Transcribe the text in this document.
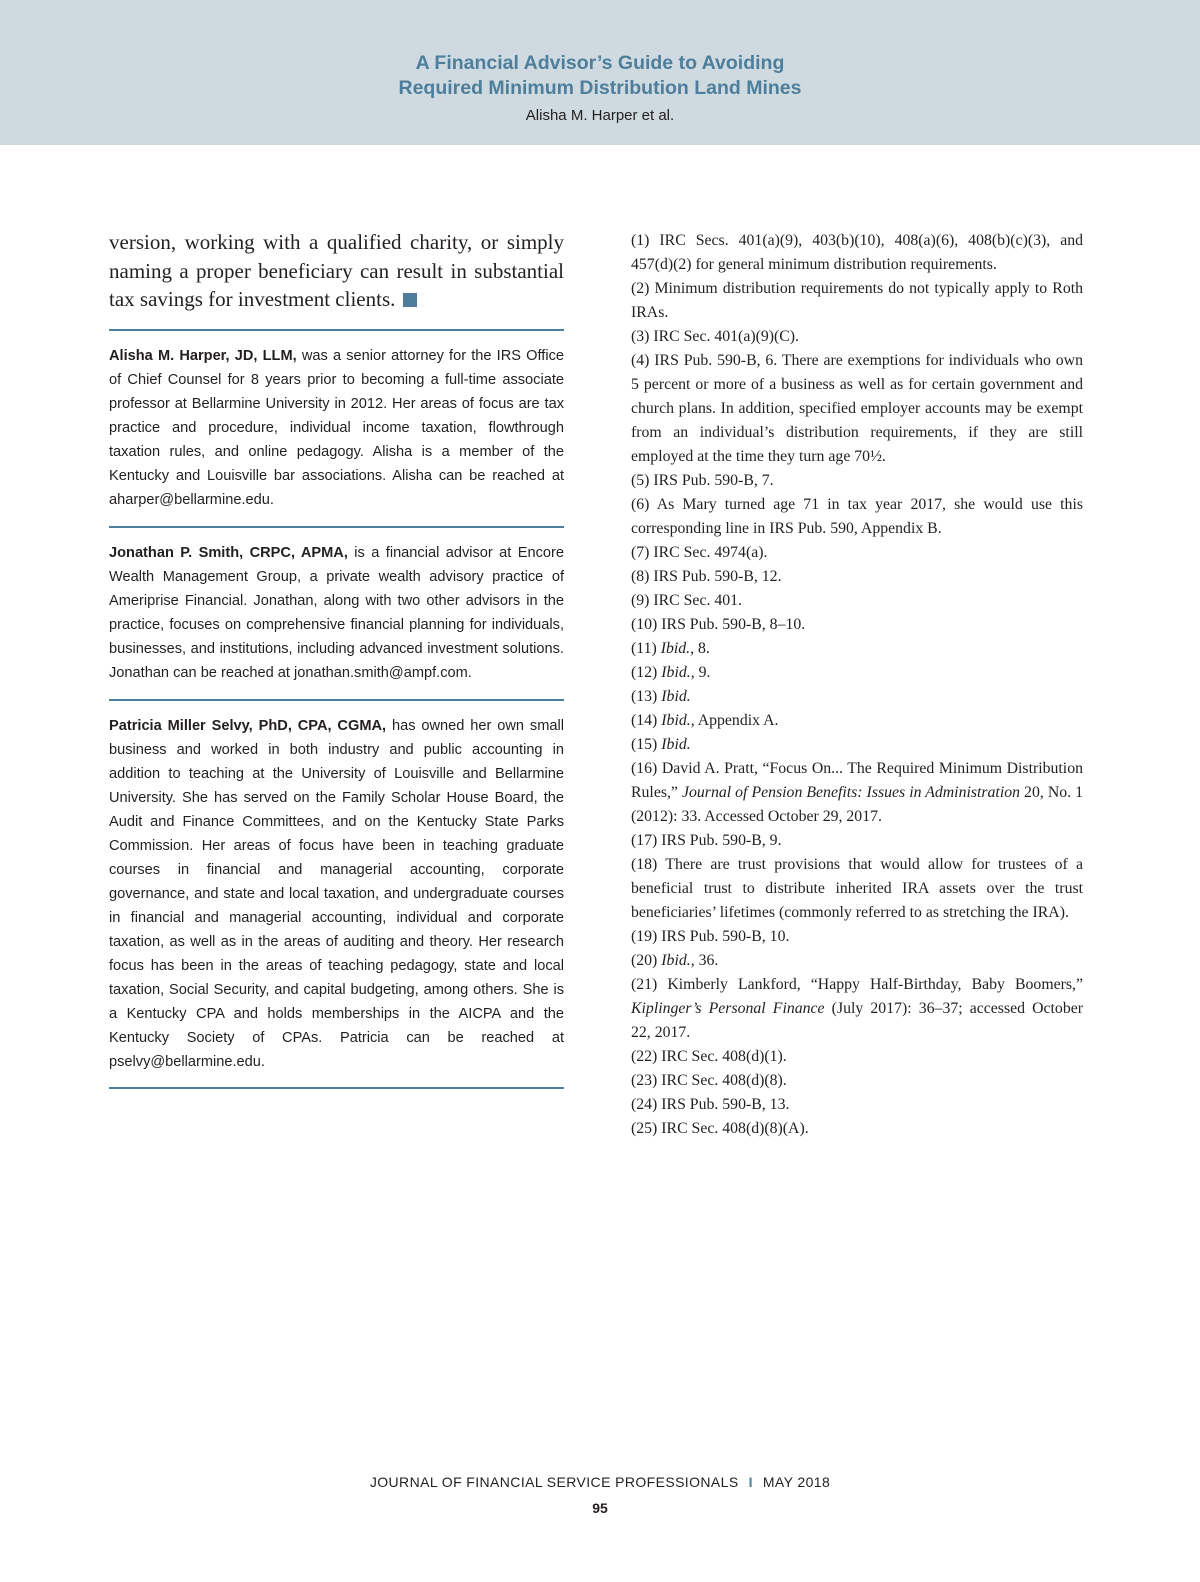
A Financial Advisor’s Guide to Avoiding
Required Minimum Distribution Land Mines
Alisha M. Harper et al.

version, working with a qualified charity, or simply naming a proper beneficiary can result in substantial tax savings for investment clients.

Alisha M. Harper, JD, LLM, was a senior attorney for the IRS Office of Chief Counsel for 8 years prior to becoming a full-time associate professor at Bellarmine University in 2012. Her areas of focus are tax practice and procedure, individual income taxation, flowthrough taxation rules, and online pedagogy. Alisha is a member of the Kentucky and Louisville bar associations. Alisha can be reached at aharper@bellarmine.edu.

Jonathan P. Smith, CRPC, APMA, is a financial advisor at Encore Wealth Management Group, a private wealth advisory practice of Ameriprise Financial. Jonathan, along with two other advisors in the practice, focuses on comprehensive financial planning for individuals, businesses, and institutions, including advanced investment solutions. Jonathan can be reached at jonathan.smith@ampf.com.

Patricia Miller Selvy, PhD, CPA, CGMA, has owned her own small business and worked in both industry and public accounting in addition to teaching at the University of Louisville and Bellarmine University. She has served on the Family Scholar House Board, the Audit and Finance Committees, and on the Kentucky State Parks Commission. Her areas of focus have been in teaching graduate courses in financial and managerial accounting, corporate governance, and state and local taxation, and undergraduate courses in financial and managerial accounting, individual and corporate taxation, as well as in the areas of auditing and theory. Her research focus has been in the areas of teaching pedagogy, state and local taxation, Social Security, and capital budgeting, among others. She is a Kentucky CPA and holds memberships in the AICPA and the Kentucky Society of CPAs. Patricia can be reached at pselvy@bellarmine.edu.

(1) IRC Secs. 401(a)(9), 403(b)(10), 408(a)(6), 408(b)(c)(3), and 457(d)(2) for general minimum distribution requirements.

(2) Minimum distribution requirements do not typically apply to Roth IRAs.

(3) IRC Sec. 401(a)(9)(C).

(4) IRS Pub. 590-B, 6. There are exemptions for individuals who own 5 percent or more of a business as well as for certain government and church plans. In addition, specified employer accounts may be exempt from an individual’s distribution requirements, if they are still employed at the time they turn age 70½.

(5) IRS Pub. 590-B, 7.

(6) As Mary turned age 71 in tax year 2017, she would use this corresponding line in IRS Pub. 590, Appendix B.

(7) IRC Sec. 4974(a).

(8) IRS Pub. 590-B, 12.

(9) IRC Sec. 401.

(10) IRS Pub. 590-B, 8–10.

(11) Ibid., 8.

(12) Ibid., 9.

(13) Ibid.

(14) Ibid., Appendix A.

(15) Ibid.

(16) David A. Pratt, “Focus On... The Required Minimum Distribution Rules,” Journal of Pension Benefits: Issues in Administration 20, No. 1 (2012): 33. Accessed October 29, 2017.

(17) IRS Pub. 590-B, 9.

(18) There are trust provisions that would allow for trustees of a beneficial trust to distribute inherited IRA assets over the trust beneficiaries’ lifetimes (commonly referred to as stretching the IRA).

(19) IRS Pub. 590-B, 10.

(20) Ibid., 36.

(21) Kimberly Lankford, “Happy Half-Birthday, Baby Boomers,” Kiplinger’s Personal Finance (July 2017): 36–37; accessed October 22, 2017.

(22) IRC Sec. 408(d)(1).

(23) IRC Sec. 408(d)(8).

(24) IRS Pub. 590-B, 13.

(25) IRC Sec. 408(d)(8)(A).

JOURNAL OF FINANCIAL SERVICE PROFESSIONALS I MAY 2018
95
